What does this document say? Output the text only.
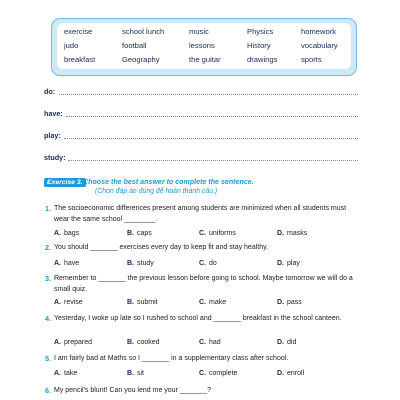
exercise	school lunch	music	Physics	homework
judo	football	lessons	History	vocabulary
breakfast	Geography	the guitar	drawings	sports
do:
have:
play:
study:
Exercise 3. Choose the best answer to complete the sentence.
(Chọn đáp án đúng để hoàn thành câu.)
1. The socioeconomic differences present among students are minimized when all students must wear the same school ________.
A. bags	B. caps	C. uniforms	D. masks
2. You should _______ exercises every day to keep fit and stay healthy.
A. have	B. study	C. do	D. play
3. Remember to _______ the previous lesson before going to school. Maybe tomorrow we will do a small quiz.
A. revise	B. submit	C. make	D. pass
4. Yesterday, I woke up late so I rushed to school and _______ breakfast in the school canteen.
A. prepared	B. cooked	C. had	D. did
5. I am fairly bad at Maths so I _______ in a supplementary class after school.
A. take	B. sit	C. complete	D. enroll
6. My pencil's blunt! Can you lend me your _______?
